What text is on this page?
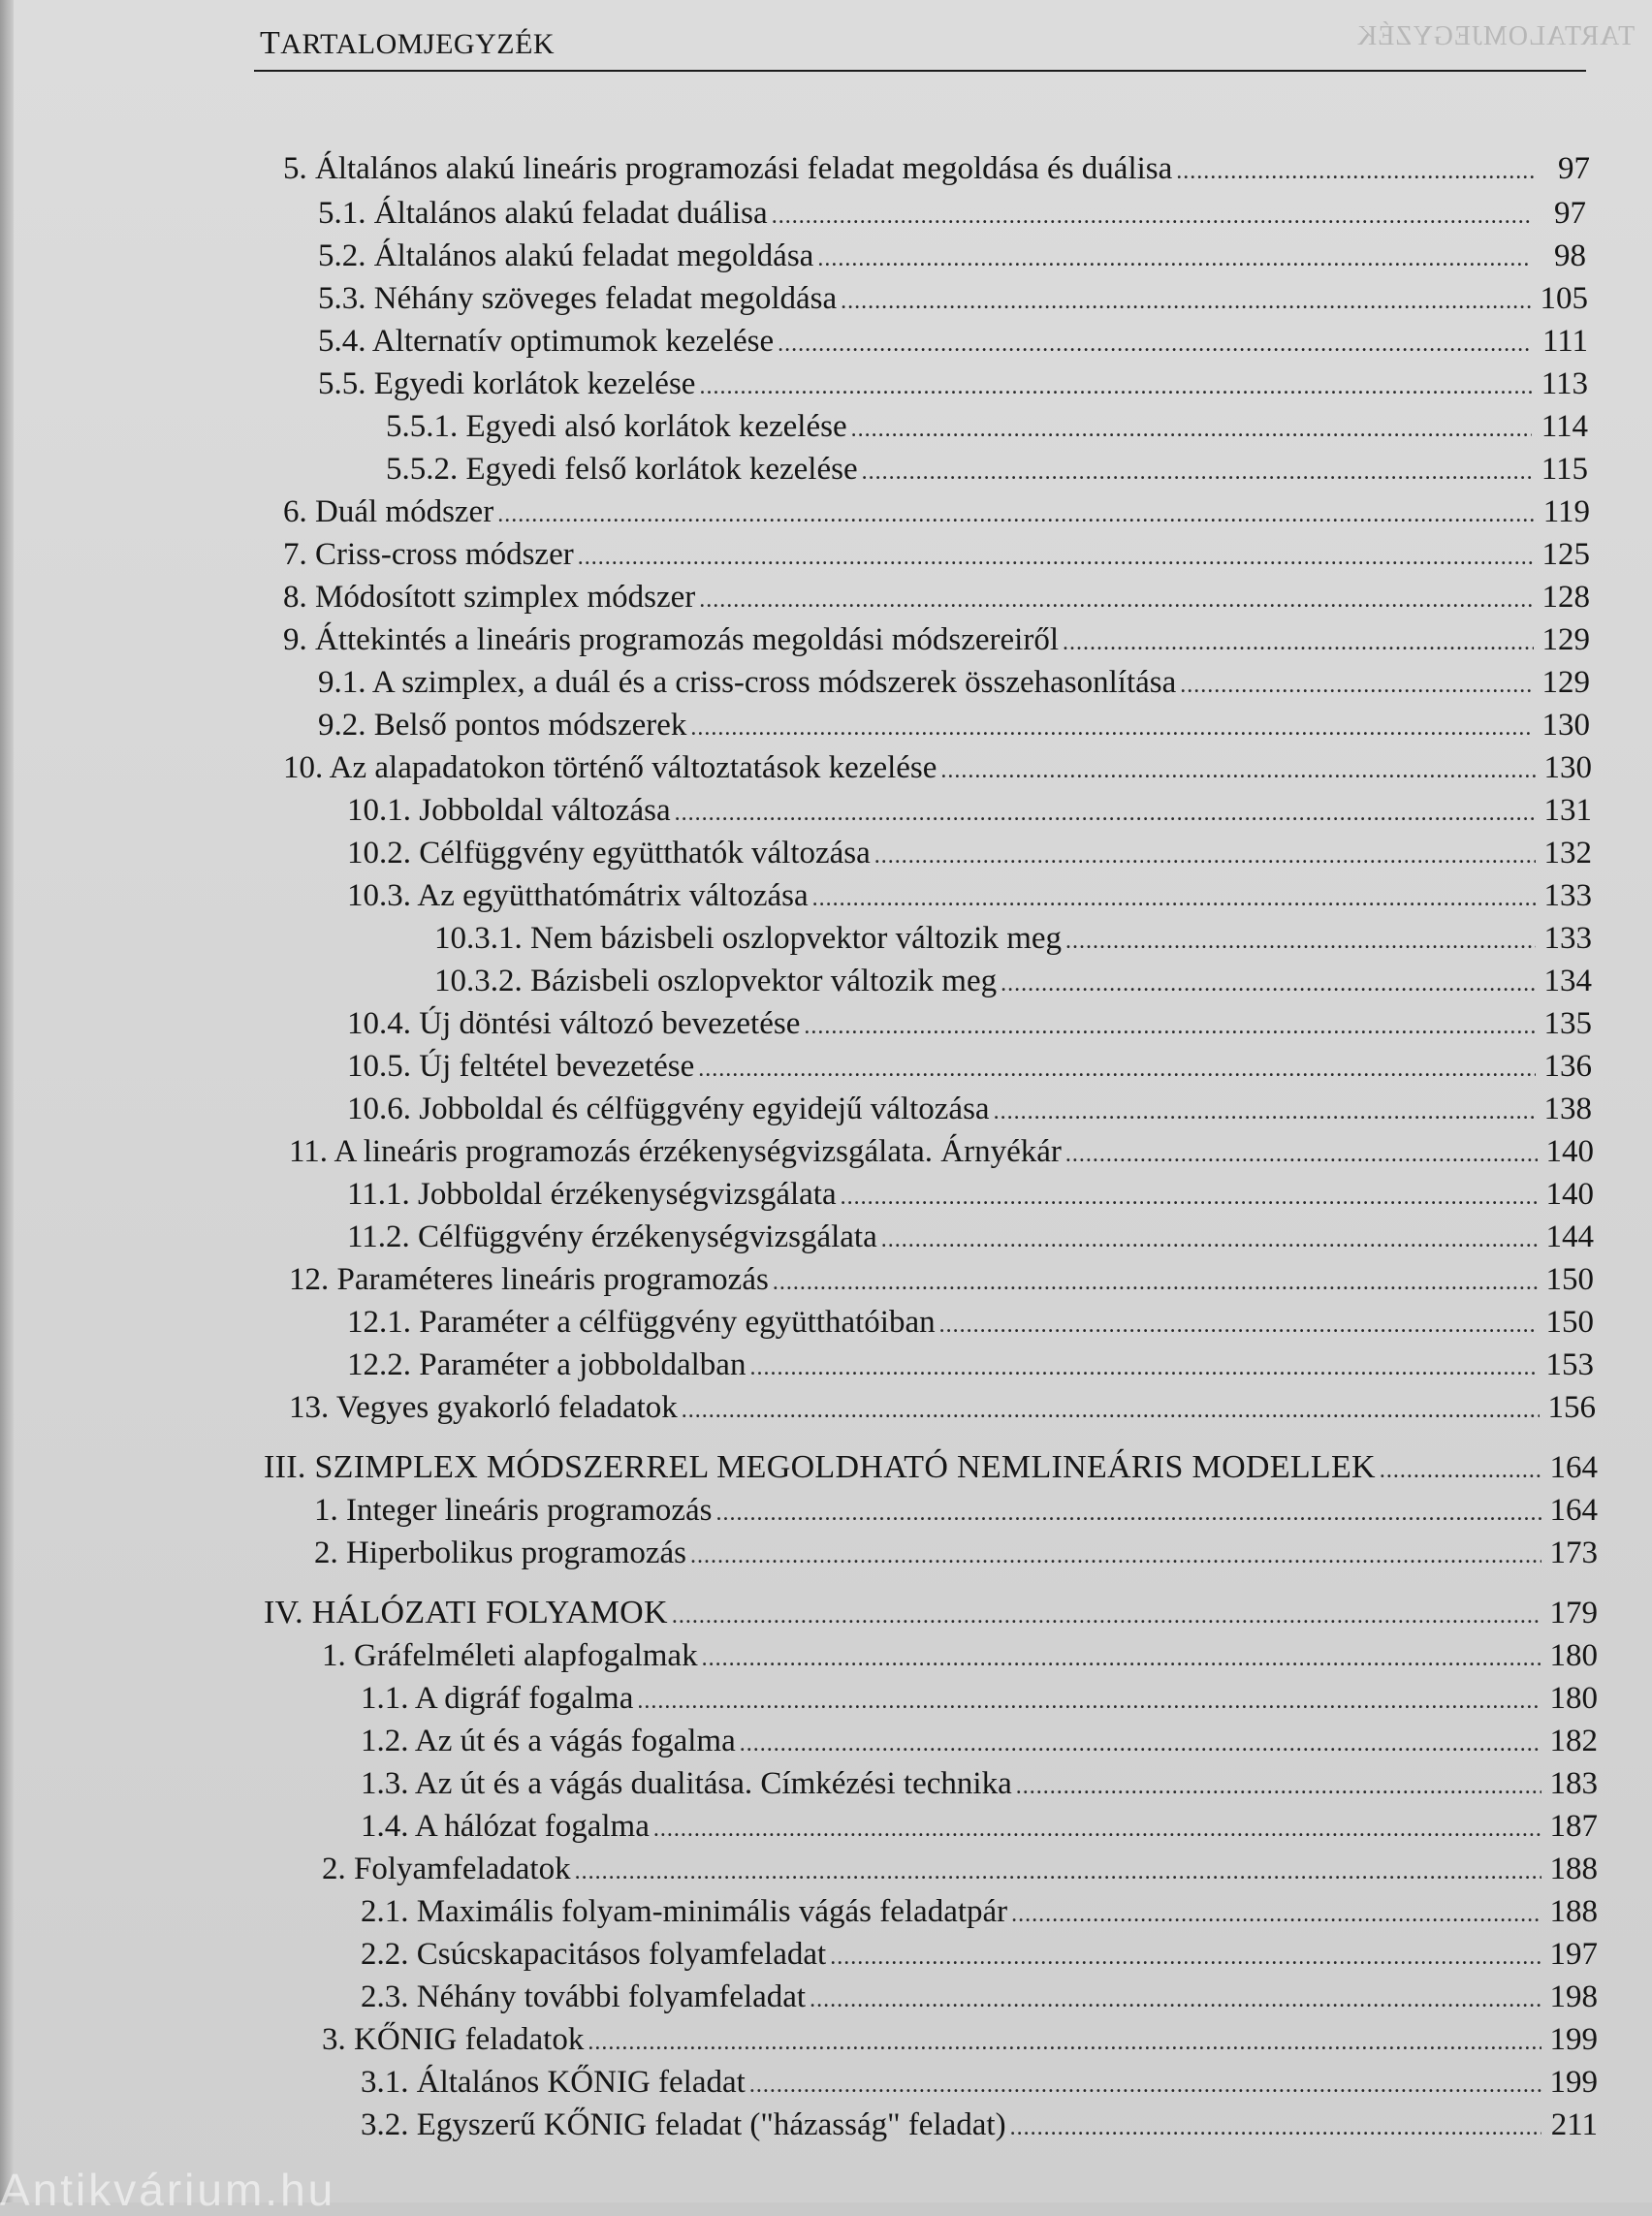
TARTALOMJEGYZÉK
TARTALOMJEGYZÉK
5. Általános alakú lineáris programozási feladat megoldása és duálisa .....	97
5.1. Általános alakú feladat duálisa .....	97
5.2. Általános alakú feladat megoldása .....	98
5.3. Néhány szöveges feladat megoldása .....	105
5.4. Alternatív optimumok kezelése .....	111
5.5. Egyedi korlátok kezelése .....	113
5.5.1. Egyedi alsó korlátok kezelése .....	114
5.5.2. Egyedi felső korlátok kezelése .....	115
6. Duál módszer .....	119
7. Criss-cross módszer .....	125
8. Módosított szimplex módszer .....	128
9. Áttekintés a lineáris programozás megoldási módszereiről .....	129
9.1. A szimplex, a duál és a criss-cross módszerek összehasonlítása .....	129
9.2. Belső pontos módszerek .....	130
10. Az alapadatokon történő változtatások kezelése .....	130
10.1. Jobboldal változása .....	131
10.2. Célfüggvény együtthatók változása .....	132
10.3. Az együtthatómátrix változása .....	133
10.3.1. Nem bázisbeli oszlopvektor változik meg .....	133
10.3.2. Bázisbeli oszlopvektor változik meg .....	134
10.4. Új döntési változó bevezetése .....	135
10.5. Új feltétel bevezetése .....	136
10.6. Jobboldal és célfüggvény egyidejű változása .....	138
11. A lineáris programozás érzékenységvizsgálata. Árnyékár .....	140
11.1. Jobboldal érzékenységvizsgálata .....	140
11.2. Célfüggvény érzékenységvizsgálata .....	144
12. Paraméteres lineáris programozás .....	150
12.1. Paraméter a célfüggvény együtthatóiban .....	150
12.2. Paraméter a jobboldalban .....	153
13. Vegyes gyakorló feladatok .....	156
III. SZIMPLEX MÓDSZERREL MEGOLDHATÓ NEMLINEÁRIS MODELLEK .....	164
1. Integer lineáris programozás .....	164
2. Hiperbolikus programozás .....	173
IV. HÁLÓZATI FOLYAMOK .....	179
1. Gráfelméleti alapfogalmak .....	180
1.1. A digráf fogalma .....	180
1.2. Az út és a vágás fogalma .....	182
1.3. Az út és a vágás dualitása. Címkézési technika .....	183
1.4. A hálózat fogalma .....	187
2. Folyamfeladatok .....	188
2.1. Maximális folyam-minimális vágás feladatpár .....	188
2.2. Csúcskapacitásos folyamfeladat .....	197
2.3. Néhány további folyamfeladat .....	198
3. KŐNIG feladatok .....	199
3.1. Általános KŐNIG feladat .....	199
3.2. Egyszerű KŐNIG feladat ("házasság" feladat) .....	211
Antikvárium.hu
